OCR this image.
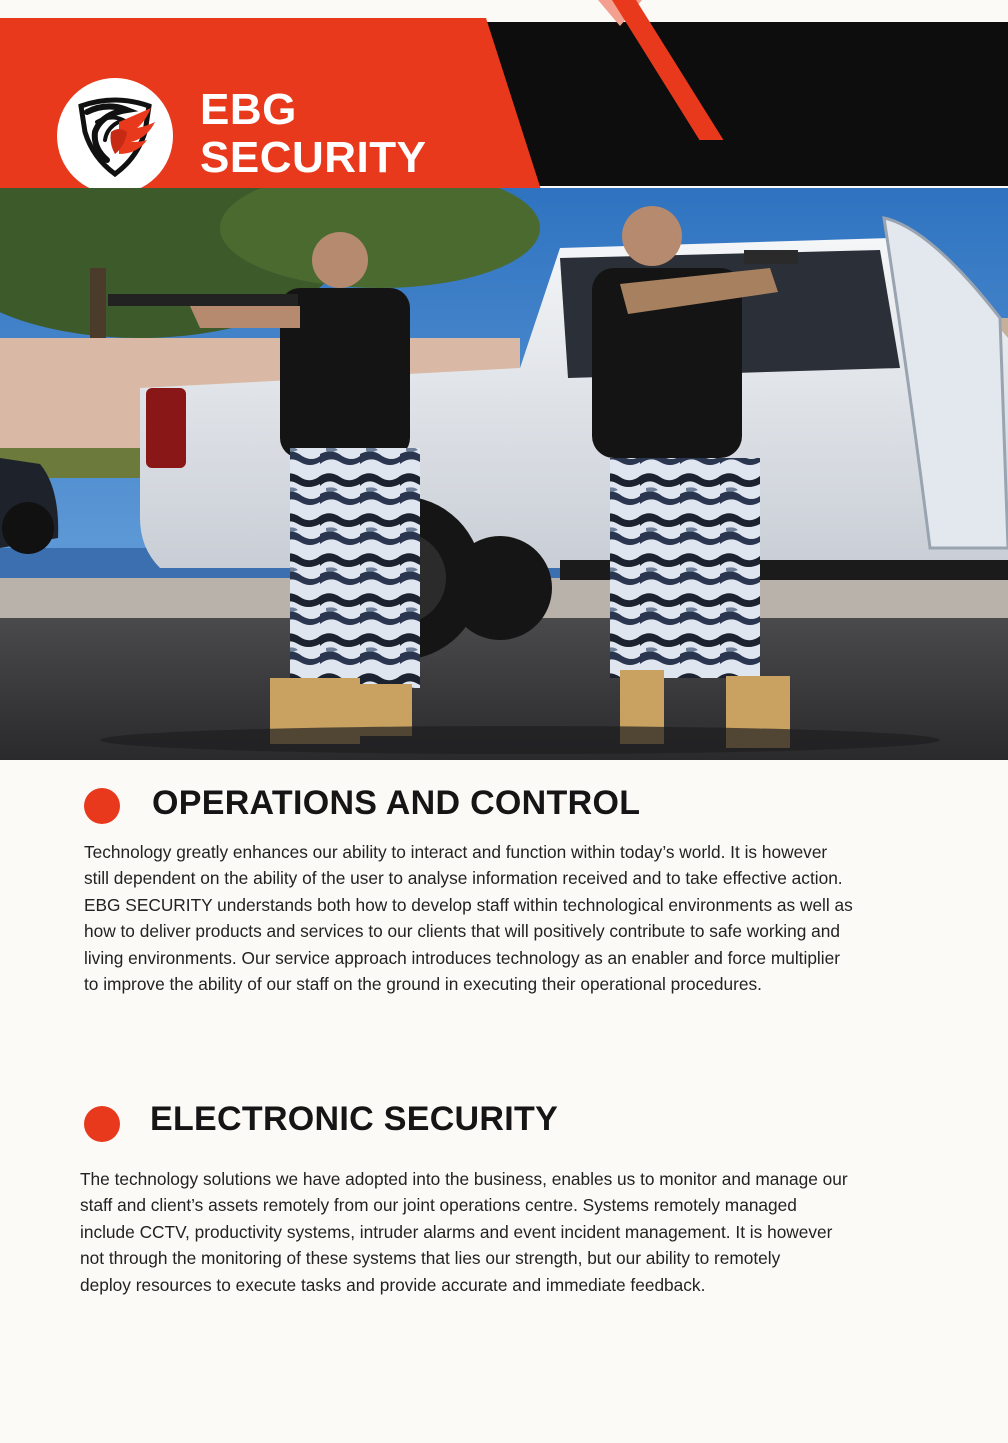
EBG
SECURITY
OPERATIONS AND CONTROL
Technology greatly enhances our ability to interact and function within today’s world. It is however
still dependent on the ability of the user to analyse information received and to take effective action.
EBG SECURITY understands both how to develop staff within technological environments as well as
how to deliver products and services to our clients that will positively contribute to safe working and
living environments. Our service approach introduces technology as an enabler and force multiplier
to improve the ability of our staff on the ground in executing their operational procedures.
ELECTRONIC SECURITY
The technology solutions we have adopted into the business, enables us to monitor and manage our
staff and client’s assets remotely from our joint operations centre. Systems remotely managed
include CCTV, productivity systems, intruder alarms and event incident management. It is however
not through the monitoring of these systems that lies our strength, but our ability to remotely
deploy resources to execute tasks and provide accurate and immediate feedback.
